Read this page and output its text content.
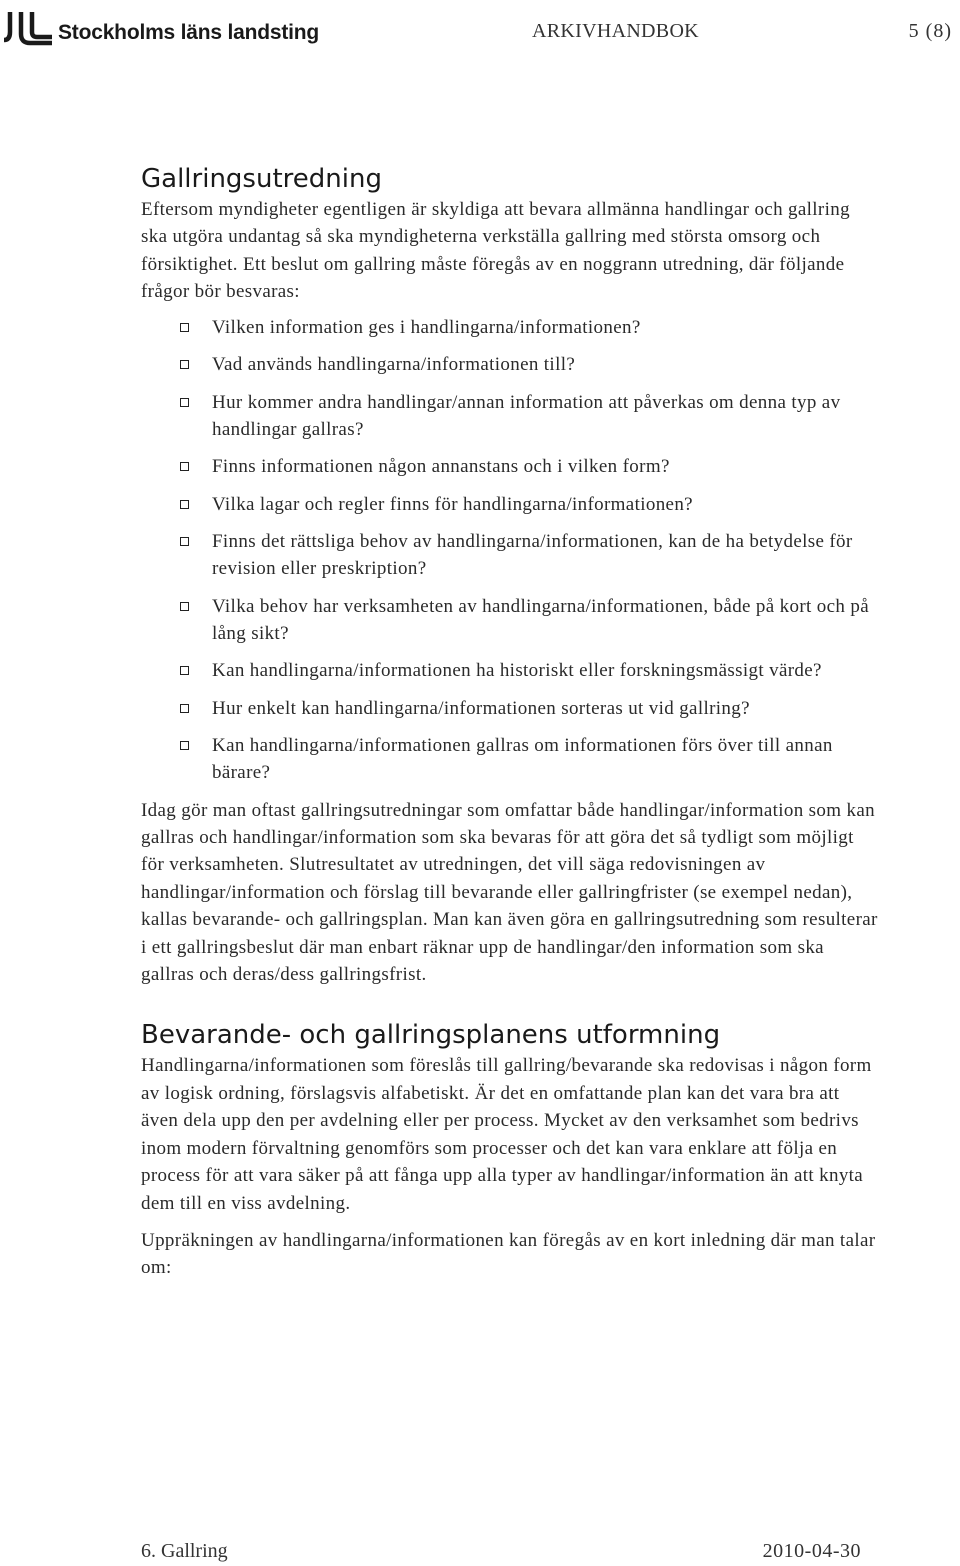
Stockholms läns landsting	ARKIVHANDBOK	5 (8)
Gallringsutredning

Eftersom myndigheter egentligen är skyldiga att bevara allmänna handlingar och gallring ska utgöra undantag så ska myndigheterna verkställa gallring med största omsorg och försiktighet. Ett beslut om gallring måste föregås av en noggrann utredning, där följande frågor bör besvaras:

Vilken information ges i handlingarna/informationen?
Vad används handlingarna/informationen till?
Hur kommer andra handlingar/annan information att påverkas om denna typ av handlingar gallras?
Finns informationen någon annanstans och i vilken form?
Vilka lagar och regler finns för handlingarna/informationen?
Finns det rättsliga behov av handlingarna/informationen, kan de ha betydelse för revision eller preskription?
Vilka behov har verksamheten av handlingarna/informationen, både på kort och på lång sikt?
Kan handlingarna/informationen ha historiskt eller forskningsmässigt värde?
Hur enkelt kan handlingarna/informationen sorteras ut vid gallring?
Kan handlingarna/informationen gallras om informationen förs över till annan bärare?

Idag gör man oftast gallringsutredningar som omfattar både handlingar/information som kan gallras och handlingar/information som ska bevaras för att göra det så tydligt som möjligt för verksamheten. Slutresultatet av utredningen, det vill säga redovisningen av handlingar/information och förslag till bevarande eller gallringfrister (se exempel nedan), kallas bevarande- och gallringsplan. Man kan även göra en gallringsutredning som resulterar i ett gallringsbeslut där man enbart räknar upp de handlingar/den information som ska gallras och deras/dess gallringsfrist.

Bevarande- och gallringsplanens utformning

Handlingarna/informationen som föreslås till gallring/bevarande ska redovisas i någon form av logisk ordning, förslagsvis alfabetiskt. Är det en omfattande plan kan det vara bra att även dela upp den per avdelning eller per process. Mycket av den verksamhet som bedrivs inom modern förvaltning genomförs som processer och det kan vara enklare att följa en process för att vara säker på att fånga upp alla typer av handlingar/information än att knyta dem till en viss avdelning.

Uppräkningen av handlingarna/informationen kan föregås av en kort inledning där man talar om:

6. Gallring	2010-04-30
